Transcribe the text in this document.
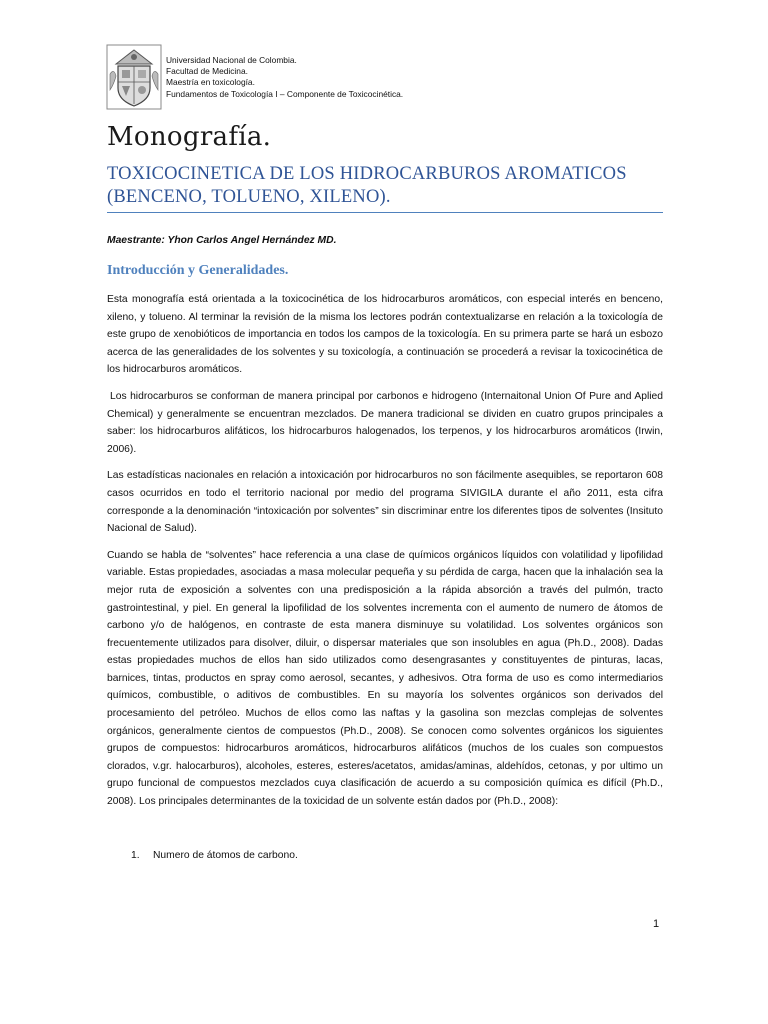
Universidad Nacional de Colombia.
Facultad de Medicina.
Maestría en toxicología.
Fundamentos de Toxicología I – Componente de Toxicocinética.
Monografía.
TOXICOCINETICA DE LOS HIDROCARBUROS AROMATICOS (BENCENO, TOLUENO, XILENO).
Maestrante: Yhon Carlos Angel Hernández MD.
Introducción y Generalidades.

Esta monografía está orientada a la toxicocinética de los hidrocarburos aromáticos, con especial interés en benceno, xileno, y tolueno. Al terminar la revisión de la misma los lectores podrán contextualizarse en relación a la toxicología de este grupo de xenobióticos de importancia en todos los campos de la toxicología. En su primera parte se hará un esbozo acerca de las generalidades de los solventes y su toxicología, a continuación se procederá a revisar la toxicocinética de los hidrocarburos aromáticos.

Los hidrocarburos se conforman de manera principal por carbonos e hidrogeno (Internaitonal Union Of Pure and Aplied Chemical) y generalmente se encuentran mezclados. De manera tradicional se dividen en cuatro grupos principales a saber: los hidrocarburos alifáticos, los hidrocarburos halogenados, los terpenos, y los hidrocarburos aromáticos (Irwin, 2006).

Las estadísticas nacionales en relación a intoxicación por hidrocarburos no son fácilmente asequibles, se reportaron 608 casos ocurridos en todo el territorio nacional por medio del programa SIVIGILA durante el año 2011, esta cifra corresponde a la denominación “intoxicación por solventes” sin discriminar entre los diferentes tipos de solventes (Insituto Nacional de Salud).

Cuando se habla de “solventes” hace referencia a una clase de químicos orgánicos líquidos con volatilidad y lipofilidad variable. Estas propiedades, asociadas a masa molecular pequeña y su pérdida de carga, hacen que la inhalación sea la mejor ruta de exposición a solventes con una predisposición a la rápida absorción a través del pulmón, tracto gastrointestinal, y piel. En general la lipofilidad de los solventes incrementa con el aumento de numero de átomos de carbono y/o de halógenos, en contraste de esta manera disminuye su volatilidad. Los solventes orgánicos son frecuentemente utilizados para disolver, diluir, o dispersar materiales que son insolubles en agua (Ph.D., 2008). Dadas estas propiedades muchos de ellos han sido utilizados como desengrasantes y constituyentes de pinturas, lacas, barnices, tintas, productos en spray como aerosol, secantes, y adhesivos. Otra forma de uso es como intermediarios químicos, combustible, o aditivos de combustibles. En su mayoría los solventes orgánicos son derivados del procesamiento del petróleo. Muchos de ellos como las naftas y la gasolina son mezclas complejas de solventes orgánicos, generalmente cientos de compuestos (Ph.D., 2008). Se conocen como solventes orgánicos los siguientes grupos de compuestos: hidrocarburos aromáticos, hidrocarburos alifáticos (muchos de los cuales son compuestos clorados, v.gr. halocarburos), alcoholes, esteres, esteres/acetatos, amidas/aminas, aldehídos, cetonas, y por ultimo un grupo funcional de compuestos mezclados cuya clasificación de acuerdo a su composición química es difícil (Ph.D., 2008). Los principales determinantes de la toxicidad de un solvente están dados por (Ph.D., 2008):

1.	Numero de átomos de carbono.
1
